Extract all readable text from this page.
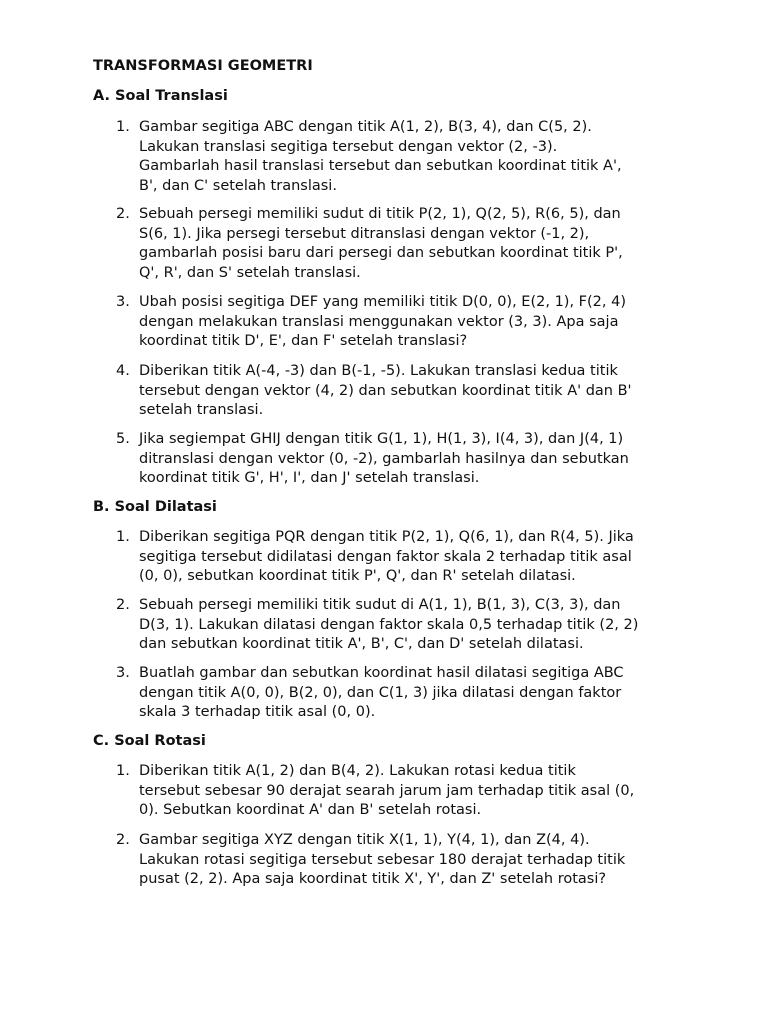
TRANSFORMASI GEOMETRI
A. Soal Translasi
1. Gambar segitiga ABC dengan titik A(1, 2), B(3, 4), dan C(5, 2).
Lakukan translasi segitiga tersebut dengan vektor (2, -3).
Gambarlah hasil translasi tersebut dan sebutkan koordinat titik A',
B', dan C' setelah translasi.
2. Sebuah persegi memiliki sudut di titik P(2, 1), Q(2, 5), R(6, 5), dan
S(6, 1). Jika persegi tersebut ditranslasi dengan vektor (-1, 2),
gambarlah posisi baru dari persegi dan sebutkan koordinat titik P',
Q', R', dan S' setelah translasi.
3. Ubah posisi segitiga DEF yang memiliki titik D(0, 0), E(2, 1), F(2, 4)
dengan melakukan translasi menggunakan vektor (3, 3). Apa saja
koordinat titik D', E', dan F' setelah translasi?
4. Diberikan titik A(-4, -3) dan B(-1, -5). Lakukan translasi kedua titik
tersebut dengan vektor (4, 2) dan sebutkan koordinat titik A' dan B'
setelah translasi.
5. Jika segiempat GHIJ dengan titik G(1, 1), H(1, 3), I(4, 3), dan J(4, 1)
ditranslasi dengan vektor (0, -2), gambarlah hasilnya dan sebutkan
koordinat titik G', H', I', dan J' setelah translasi.
B. Soal Dilatasi
1. Diberikan segitiga PQR dengan titik P(2, 1), Q(6, 1), dan R(4, 5). Jika
segitiga tersebut didilatasi dengan faktor skala 2 terhadap titik asal
(0, 0), sebutkan koordinat titik P', Q', dan R' setelah dilatasi.
2. Sebuah persegi memiliki titik sudut di A(1, 1), B(1, 3), C(3, 3), dan
D(3, 1). Lakukan dilatasi dengan faktor skala 0,5 terhadap titik (2, 2)
dan sebutkan koordinat titik A', B', C', dan D' setelah dilatasi.
3. Buatlah gambar dan sebutkan koordinat hasil dilatasi segitiga ABC
dengan titik A(0, 0), B(2, 0), dan C(1, 3) jika dilatasi dengan faktor
skala 3 terhadap titik asal (0, 0).
C. Soal Rotasi
1. Diberikan titik A(1, 2) dan B(4, 2). Lakukan rotasi kedua titik
tersebut sebesar 90 derajat searah jarum jam terhadap titik asal (0,
0). Sebutkan koordinat A' dan B' setelah rotasi.
2. Gambar segitiga XYZ dengan titik X(1, 1), Y(4, 1), dan Z(4, 4).
Lakukan rotasi segitiga tersebut sebesar 180 derajat terhadap titik
pusat (2, 2). Apa saja koordinat titik X', Y', dan Z' setelah rotasi?
